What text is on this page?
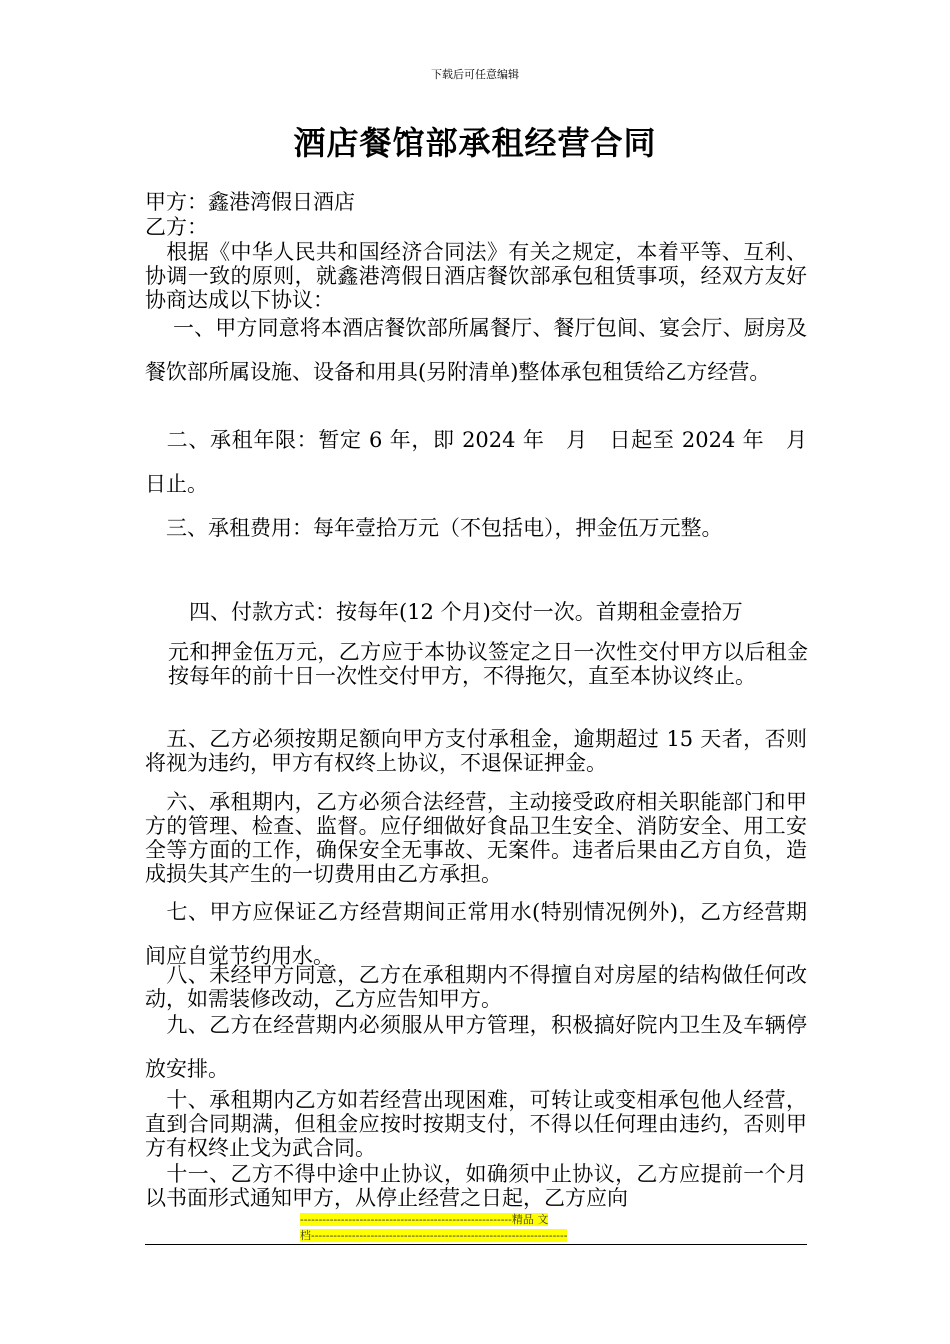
下载后可任意编辑
酒店餐馆部承租经营合同
甲方：鑫港湾假日酒店
乙方：
　根据《中华人民共和国经济合同法》有关之规定，本着平等、互利、协调一致的原则，就鑫港湾假日酒店餐饮部承包租赁事项，经双方友好协商达成以下协议：
　 一、甲方同意将本酒店餐饮部所属餐厅、餐厅包间、宴会厅、厨房及餐饮部所属设施、设备和用具(另附清单)整体承包租赁给乙方经营。
　二、承租年限：暂定 6 年，即 2024 年　月　日起至 2024 年　月　日止。
　三、承租费用：每年壹拾万元（不包括电），押金伍万元整。
　四、付款方式：按每年(12 个月)交付一次。首期租金壹拾万
元和押金伍万元，乙方应于本协议签定之日一次性交付甲方以后租金按每年的前十日一次性交付甲方，不得拖欠，直至本协议终止。
　五、乙方必须按期足额向甲方支付承租金，逾期超过 15 天者，否则将视为违约，甲方有权终上协议，不退保证押金。
　六、承租期内，乙方必须合法经营，主动接受政府相关职能部门和甲方的管理、检查、监督。应仔细做好食品卫生安全、消防安全、用工安全等方面的工作，确保安全无事故、无案件。违者后果由乙方自负，造成损失其产生的一切费用由乙方承担。
　七、甲方应保证乙方经营期间正常用水(特别情况例外)，乙方经营期间应自觉节约用水。
　八、未经甲方同意，乙方在承租期内不得擅自对房屋的结构做任何改动，如需装修改动，乙方应告知甲方。
　九、乙方在经营期内必须服从甲方管理，积极搞好院内卫生及车辆停放安排。
　十、承租期内乙方如若经营出现困难，可转让或变相承包他人经营，直到合同期满，但租金应按时按期支付，不得以任何理由违约，否则甲方有权终止戈为武合同。
　十一、乙方不得中途中止协议，如确须中止协议，乙方应提前一个月以书面形式通知甲方，从停止经营之日起，乙方应向
---------------------------------------------------------精品 文
档---------------------------------------------------------------------
